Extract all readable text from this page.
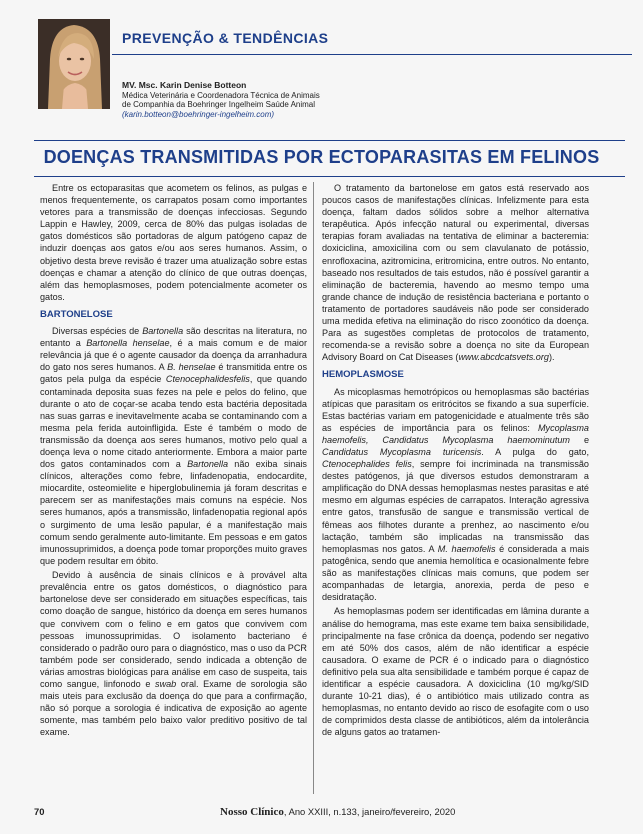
PREVENÇÃO & TENDÊNCIAS
MV. Msc. Karin Denise Botteon
Médica Veterinária e Coordenadora Técnica de Animais
de Companhia da Boehringer Ingelheim Saúde Animal
(karin.botteon@boehringer-ingelheim.com)
DOENÇAS TRANSMITIDAS POR ECTOPARASITAS EM FELINOS

Entre os ectoparasitas que acometem os felinos, as pulgas e menos frequentemente, os carrapatos posam como importantes vetores para a transmissão de doenças infecciosas. Segundo Lappin e Hawley, 2009, cerca de 80% das pulgas isoladas de gatos domésticos são portadoras de algum patógeno capaz de induzir doenças aos gatos e/ou aos seres humanos. Assim, o objetivo desta breve revisão é trazer uma atualização sobre estas doenças e chamar a atenção do clínico de que outras doenças, além das hemoplasmoses, podem potencialmente acometer os gatos.

BARTONELOSE

Diversas espécies de Bartonella são descritas na literatura, no entanto a Bartonella henselae, é a mais comum e de maior relevância já que é o agente causador da doença da arranhadura do gato nos seres humanos. A B. henselae é transmitida entre os gatos pela pulga da espécie Ctenocephalidesfelis, que quando contaminada deposita suas fezes na pele e pelos do felino, que durante o ato de coçar-se acaba tendo esta bactéria depositada nas suas garras e inevitavelmente acaba se contaminando com a mesma pela ferida autoinfligida. Este é também o modo de transmissão da doença aos seres humanos, motivo pelo qual a doença leva o nome citado anteriormente. Embora a maior parte dos gatos contaminados com a Bartonella não exiba sinais clínicos, alterações como febre, linfadenopatia, endocardite, miocardite, osteomielite e hiperglobulinemia já foram descritas e parecem ser as manifestações mais comuns na espécie. Nos seres humanos, após a transmissão, linfadenopatia regional após o surgimento de uma lesão papular, é a manifestação mais comum sendo geralmente auto-limitante. Em pessoas e em gatos imunossuprimidos, a doença pode tomar proporções muito graves que podem resultar em óbito.

Devido à ausência de sinais clínicos e à provável alta prevalência entre os gatos domésticos, o diagnóstico para bartonelose deve ser considerado em situações específicas, tais como doação de sangue, histórico da doença em seres humanos que convivem com o felino e em gatos que convivem com pessoas imunossuprimidas. O isolamento bacteriano é considerado o padrão ouro para o diagnóstico, mas o uso da PCR também pode ser considerado, sendo indicada a obtenção de várias amostras biológicas para análise em caso de suspeita, tais como sangue, linfonodo e swab oral. Exame de sorologia são mais uteis para exclusão da doença do que para a confirmação, não só porque a sorologia é indicativa de exposição ao agente somente, mas também pelo baixo valor preditivo positivo de tal exame.

O tratamento da bartonelose em gatos está reservado aos poucos casos de manifestações clínicas. Infelizmente para esta doença, faltam dados sólidos sobre a melhor alternativa terapêutica. Após infecção natural ou experimental, diversas terapias foram avaliadas na tentativa de eliminar a bacteremia: doxiciclina, amoxicilina com ou sem clavulanato de potássio, enrofloxacina, azitromicina, eritromicina, entre outros. No entanto, baseado nos resultados de tais estudos, não é possível garantir a eliminação de bacteremia, havendo ao mesmo tempo uma grande chance de indução de resistência bacteriana e portanto o tratamento de portadores saudáveis não pode ser considerado uma medida efetiva na eliminação do risco zoonótico da doença. Para as sugestões completas de protocolos de tratamento, recomenda-se a revisão sobre a doença no site da European Advisory Board on Cat Diseases (www.abcdcatsvets.org).

HEMOPLASMOSE

As micoplasmas hemotrópicos ou hemoplasmas são bactérias atípicas que parasitam os eritrócitos se fixando a sua superfície. Estas bactérias variam em patogenicidade e atualmente três são as espécies de importância para os felinos: Mycoplasma haemofelis, Candidatus Mycoplasma haemominutum e Candidatus Mycoplasma turicensis. A pulga do gato, Ctenocephalides felis, sempre foi incriminada na transmissão destes patógenos, já que diversos estudos demonstraram a amplificação do DNA dessas hemoplasmas nestes parasitas e até mesmo em algumas espécies de carrapatos. Interação agressiva entre gatos, transfusão de sangue e transmissão vertical de fêmeas aos filhotes durante a prenhez, ao nascimento e/ou lactação, também são implicadas na transmissão das hemoplasmas nos gatos. A M. haemofelis é considerada a mais patogênica, sendo que anemia hemolítica e ocasionalmente febre são as manifestações clínicas mais comuns, que podem ser acompanhadas de letargia, anorexia, perda de peso e desidratação.

As hemoplasmas podem ser identificadas em lâmina durante a análise do hemograma, mas este exame tem baixa sensibilidade, principalmente na fase crônica da doença, podendo ser negativo em até 50% dos casos, além de não identificar a espécie causadora. O exame de PCR é o indicado para o diagnóstico definitivo pela sua alta sensibilidade e também porque é capaz de identificar a espécie causadora. A doxiciclina (10 mg/kg/SID durante 10-21 dias), é o antibiótico mais utilizado contra as hemoplasmas, no entanto devido ao risco de esofagite com o uso de comprimidos desta classe de antibióticos, além da intolerância de alguns gatos ao tratamen-

70	Nosso Clínico, Ano XXIII, n.133, janeiro/fevereiro, 2020
